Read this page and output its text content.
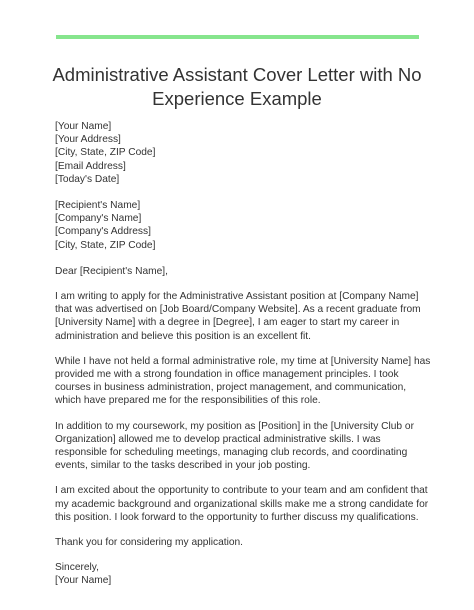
Administrative Assistant Cover Letter with No
Experience Example
[Your Name]
[Your Address]
[City, State, ZIP Code]
[Email Address]
[Today's Date]
[Recipient's Name]
[Company's Name]
[Company's Address]
[City, State, ZIP Code]
Dear [Recipient's Name],
I am writing to apply for the Administrative Assistant position at [Company Name]
that was advertised on [Job Board/Company Website]. As a recent graduate from
[University Name] with a degree in [Degree], I am eager to start my career in
administration and believe this position is an excellent fit.
While I have not held a formal administrative role, my time at [University Name] has
provided me with a strong foundation in office management principles. I took
courses in business administration, project management, and communication,
which have prepared me for the responsibilities of this role.
In addition to my coursework, my position as [Position] in the [University Club or
Organization] allowed me to develop practical administrative skills. I was
responsible for scheduling meetings, managing club records, and coordinating
events, similar to the tasks described in your job posting.
I am excited about the opportunity to contribute to your team and am confident that
my academic background and organizational skills make me a strong candidate for
this position. I look forward to the opportunity to further discuss my qualifications.
Thank you for considering my application.
Sincerely,
[Your Name]
